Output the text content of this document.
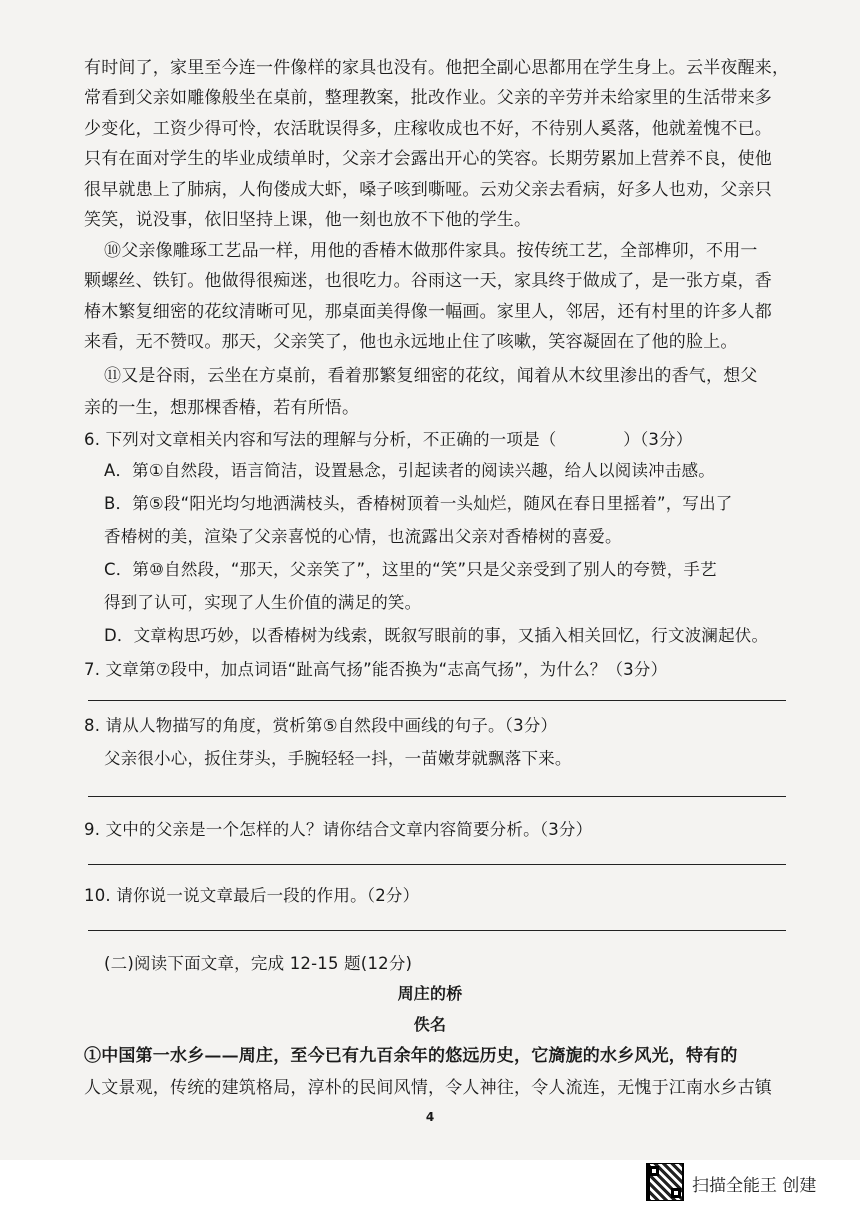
有时间了，家里至今连一件像样的家具也没有。他把全副心思都用在学生身上。云半夜醒来，
常看到父亲如雕像般坐在桌前，整理教案，批改作业。父亲的辛劳并未给家里的生活带来多
少变化，工资少得可怜，农活耽误得多，庄稼收成也不好，不待别人奚落，他就羞愧不已。
只有在面对学生的毕业成绩单时，父亲才会露出开心的笑容。长期劳累加上营养不良，使他
很早就患上了肺病，人佝偻成大虾，嗓子咳到嘶哑。云劝父亲去看病，好多人也劝，父亲只
笑笑，说没事，依旧坚持上课，他一刻也放不下他的学生。
⑩父亲像雕琢工艺品一样，用他的香椿木做那件家具。按传统工艺，全部榫卯，不用一
颗螺丝、铁钉。他做得很痴迷，也很吃力。谷雨这一天，家具终于做成了，是一张方桌，香
椿木繁复细密的花纹清晰可见，那桌面美得像一幅画。家里人，邻居，还有村里的许多人都
来看，无不赞叹。那天，父亲笑了，他也永远地止住了咳嗽，笑容凝固在了他的脸上。
⑪又是谷雨，云坐在方桌前，看着那繁复细密的花纹，闻着从木纹里渗出的香气，想父
亲的一生，想那棵香椿，若有所悟。
6. 下列对文章相关内容和写法的理解与分析，不正确的一项是（　　　　）（3分）
A．第①自然段，语言简洁，设置悬念，引起读者的阅读兴趣，给人以阅读冲击感。
B．第⑤段“阳光均匀地洒满枝头，香椿树顶着一头灿烂，随风在春日里摇着”，写出了
香椿树的美，渲染了父亲喜悦的心情，也流露出父亲对香椿树的喜爱。
C．第⑩自然段，“那天，父亲笑了”，这里的“笑”只是父亲受到了别人的夸赞，手艺
得到了认可，实现了人生价值的满足的笑。
D．文章构思巧妙，以香椿树为线索，既叙写眼前的事，又插入相关回忆，行文波澜起伏。
7. 文章第⑦段中，加点词语“趾高气扬”能否换为“志高气扬”，为什么？（3分）
8. 请从人物描写的角度，赏析第⑤自然段中画线的句子。（3分）
父亲很小心，扳住芽头，手腕轻轻一抖，一苗嫩芽就飘落下来。
9. 文中的父亲是一个怎样的人？请你结合文章内容简要分析。（3分）
10. 请你说一说文章最后一段的作用。（2分）
(二)阅读下面文章，完成 12-15 题(12分)
周庄的桥
佚名
①中国第一水乡——周庄，至今已有九百余年的悠远历史，它旖旎的水乡风光，特有的
人文景观，传统的建筑格局，淳朴的民间风情，令人神往，令人流连，无愧于江南水乡古镇
4
扫描全能王 创建
